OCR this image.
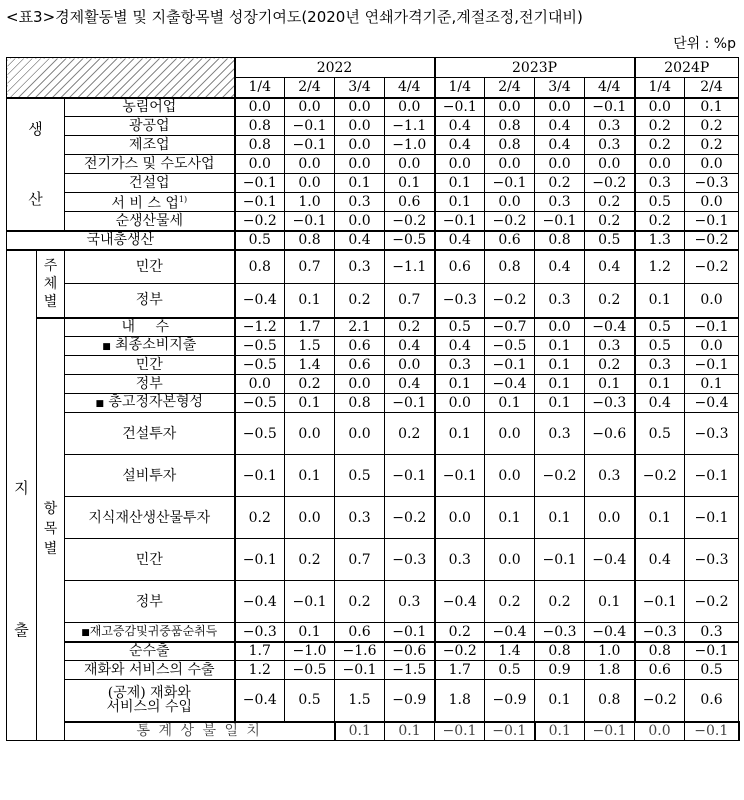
<표3>경제활동별 및 지출항목별 성장기여도(2020년 연쇄가격기준,계절조정,전기대비)
단위 : %p
			2022				2023P				2024P		
			1/4	2/4	3/4	4/4	1/4	2/4	3/4	4/4	1/4	2/4	

생
산		농림어업	0.0	0.0	0.0	0.0	−0.1	0.0	0.0	−0.1	0.0	0.1	
		광공업	0.8	−0.1	0.0	−1.1	0.4	0.8	0.4	0.3	0.2	0.2	
		제조업	0.8	−0.1	0.0	−1.0	0.4	0.8	0.4	0.3	0.2	0.2	
		전기가스 및 수도사업	0.0	0.0	0.0	0.0	0.0	0.0	0.0	0.0	0.0	0.0	
		건설업	−0.1	0.0	0.1	0.1	0.1	−0.1	0.2	−0.2	0.3	−0.3	
		서 비 스 업$^{1)}$	−0.1	1.0	0.3	0.6	0.1	0.0	0.3	0.2	0.5	0.0	
		순생산물세	−0.2	−0.1	0.0	−0.2	−0.1	−0.2	−0.1	0.2	0.2	−0.1	
국내총생산			0.5	0.8	0.4	−0.5	0.4	0.6	0.8	0.5	1.3	−0.2	

지
출	주체별	민간	0.8	0.7	0.3	−1.1	0.6	0.8	0.4	0.4	1.2	−0.2	
		정부	−0.4	0.1	0.2	0.7	−0.3	−0.2	0.3	0.2	0.1	0.0	

	항목별	내 수	−1.2	1.7	2.1	0.2	0.5	−0.7	0.0	−0.4	0.5	−0.1	
		■ 최종소비지출	−0.5	1.5	0.6	0.4	0.4	−0.5	0.1	0.3	0.5	0.0	
		민간	−0.5	1.4	0.6	0.0	0.3	−0.1	0.1	0.2	0.3	−0.1	
		정부	0.0	0.2	0.0	0.4	0.1	−0.4	0.1	0.1	0.1	0.1	
		■ 총고정자본형성	−0.5	0.1	0.8	−0.1	0.0	0.1	0.1	−0.3	0.4	−0.4	
		건설투자	−0.5	0.0	0.0	0.2	0.1	0.0	0.3	−0.6	0.5	−0.3	
		설비투자	−0.1	0.1	0.5	−0.1	−0.1	0.0	−0.2	0.3	−0.2	−0.1	
		지식재산생산물투자	0.2	0.0	0.3	−0.2	0.0	0.1	0.1	0.0	0.1	−0.1	
		민간	−0.1	0.2	0.7	−0.3	0.3	0.0	−0.1	−0.4	0.4	−0.3	
		정부	−0.4	−0.1	0.2	0.3	−0.4	0.2	0.2	0.1	−0.1	−0.2	
		■재고증감및귀중품순취득	−0.3	0.1	0.6	−0.1	0.2	−0.4	−0.3	−0.4	−0.3	0.3	
		순수출	1.7	−1.0	−1.6	−0.6	−0.2	1.4	0.8	1.0	0.8	−0.1	
		재화와 서비스의 수출	1.2	−0.5	−0.1	−1.5	1.7	0.5	0.9	1.8	0.6	0.5	

		(공제) 재화와
서비스의 수입	−0.4	0.5	1.5	−0.9	1.8	−0.9	0.1	0.8	−0.2	0.6	
		통 계 상 불 일 치			0.1	0.1	−0.1	−0.1	0.1	−0.1	0.0	−0.1		
